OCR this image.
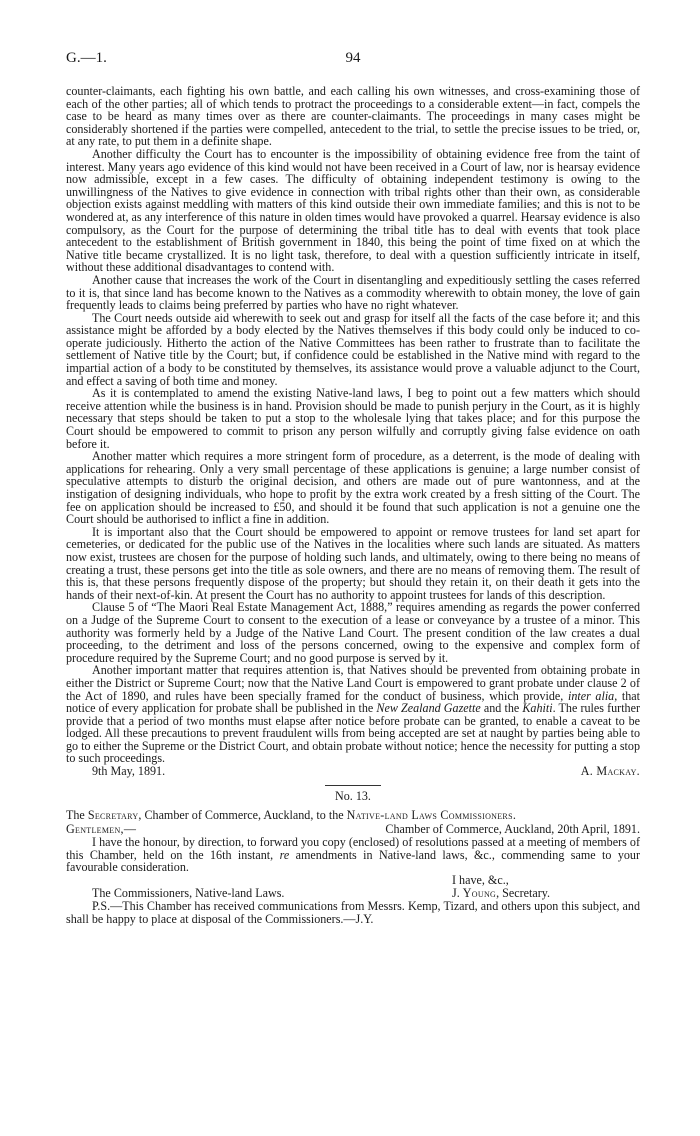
G.—1.	94

counter-claimants, each fighting his own battle, and each calling his own witnesses, and cross-examining those of each of the other parties; all of which tends to protract the proceedings to a considerable extent—in fact, compels the case to be heard as many times over as there are counter-claimants. The proceedings in many cases might be considerably shortened if the parties were compelled, antecedent to the trial, to settle the precise issues to be tried, or, at any rate, to put them in a definite shape.

Another difficulty the Court has to encounter is the impossibility of obtaining evidence free from the taint of interest. Many years ago evidence of this kind would not have been received in a Court of law, nor is hearsay evidence now admissible, except in a few cases. The difficulty of obtaining independent testimony is owing to the unwillingness of the Natives to give evidence in connection with tribal rights other than their own, as considerable objection exists against meddling with matters of this kind outside their own immediate families; and this is not to be wondered at, as any interference of this nature in olden times would have provoked a quarrel. Hearsay evidence is also compulsory, as the Court for the purpose of determining the tribal title has to deal with events that took place antecedent to the establishment of British government in 1840, this being the point of time fixed on at which the Native title became crystallized. It is no light task, therefore, to deal with a question sufficiently intricate in itself, without these additional disadvantages to contend with.

Another cause that increases the work of the Court in disentangling and expeditiously settling the cases referred to it is, that since land has become known to the Natives as a commodity wherewith to obtain money, the love of gain frequently leads to claims being preferred by parties who have no right whatever.

The Court needs outside aid wherewith to seek out and grasp for itself all the facts of the case before it; and this assistance might be afforded by a body elected by the Natives themselves if this body could only be induced to co-operate judiciously. Hitherto the action of the Native Committees has been rather to frustrate than to facilitate the settlement of Native title by the Court; but, if confidence could be established in the Native mind with regard to the impartial action of a body to be constituted by themselves, its assistance would prove a valuable adjunct to the Court, and effect a saving of both time and money.

As it is contemplated to amend the existing Native-land laws, I beg to point out a few matters which should receive attention while the business is in hand. Provision should be made to punish perjury in the Court, as it is highly necessary that steps should be taken to put a stop to the wholesale lying that takes place; and for this purpose the Court should be empowered to commit to prison any person wilfully and corruptly giving false evidence on oath before it.

Another matter which requires a more stringent form of procedure, as a deterrent, is the mode of dealing with applications for rehearing. Only a very small percentage of these applications is genuine; a large number consist of speculative attempts to disturb the original decision, and others are made out of pure wantonness, and at the instigation of designing individuals, who hope to profit by the extra work created by a fresh sitting of the Court. The fee on application should be increased to £50, and should it be found that such application is not a genuine one the Court should be authorised to inflict a fine in addition.

It is important also that the Court should be empowered to appoint or remove trustees for land set apart for cemeteries, or dedicated for the public use of the Natives in the localities where such lands are situated. As matters now exist, trustees are chosen for the purpose of holding such lands, and ultimately, owing to there being no means of creating a trust, these persons get into the title as sole owners, and there are no means of removing them. The result of this is, that these persons frequently dispose of the property; but should they retain it, on their death it gets into the hands of their next-of-kin. At present the Court has no authority to appoint trustees for lands of this description.

Clause 5 of “The Maori Real Estate Management Act, 1888,” requires amending as regards the power conferred on a Judge of the Supreme Court to consent to the execution of a lease or conveyance by a trustee of a minor. This authority was formerly held by a Judge of the Native Land Court. The present condition of the law creates a dual proceeding, to the detriment and loss of the persons concerned, owing to the expensive and complex form of procedure required by the Supreme Court; and no good purpose is served by it.

Another important matter that requires attention is, that Natives should be prevented from obtaining probate in either the District or Supreme Court; now that the Native Land Court is empowered to grant probate under clause 2 of the Act of 1890, and rules have been specially framed for the conduct of business, which provide, inter alia, that notice of every application for probate shall be published in the New Zealand Gazette and the Kahiti. The rules further provide that a period of two months must elapse after notice before probate can be granted, to enable a caveat to be lodged. All these precautions to prevent fraudulent wills from being accepted are set at naught by parties being able to go to either the Supreme or the District Court, and obtain probate without notice; hence the necessity for putting a stop to such proceedings.

9th May, 1891.	A. Mackay.
No. 13.
The Secretary, Chamber of Commerce, Auckland, to the Native-land Laws Commissioners.
Gentlemen,—	Chamber of Commerce, Auckland, 20th April, 1891.

I have the honour, by direction, to forward you copy (enclosed) of resolutions passed at a meeting of members of this Chamber, held on the 16th instant, re amendments in Native-land laws, &c., commending same to your favourable consideration.

I have, &c.,
The Commissioners, Native-land Laws.	J. Young, Secretary.

P.S.—This Chamber has received communications from Messrs. Kemp, Tizard, and others upon this subject, and shall be happy to place at disposal of the Commissioners.—J.Y.
